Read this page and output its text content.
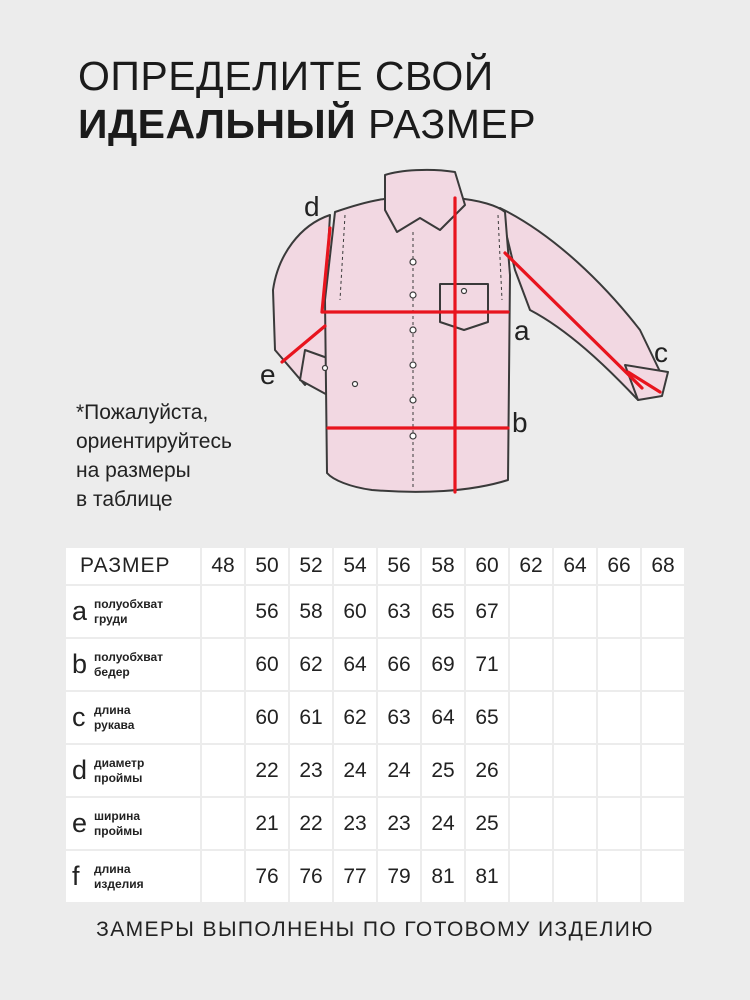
ОПРЕДЕЛИТЕ СВОЙ
ИДЕАЛЬНЫЙ РАЗМЕР
d
a
c
e
b
*Пожалуйста,
ориентируйтесь
на размеры
в таблице
РАЗМЕР	48	50	52	54	56	58	60	62	64	66	68

a полуобхват
груди		56	58	60	63	65	67				

b полуобхват
бедер		60	62	64	66	69	71				

c длина
рукава		60	61	62	63	64	65				

d диаметр
проймы		22	23	24	24	25	26				

e ширина
проймы		21	22	23	23	24	25				

f длина
изделия		76	76	77	79	81	81				
ЗАМЕРЫ ВЫПОЛНЕНЫ ПО ГОТОВОМУ ИЗДЕЛИЮ
